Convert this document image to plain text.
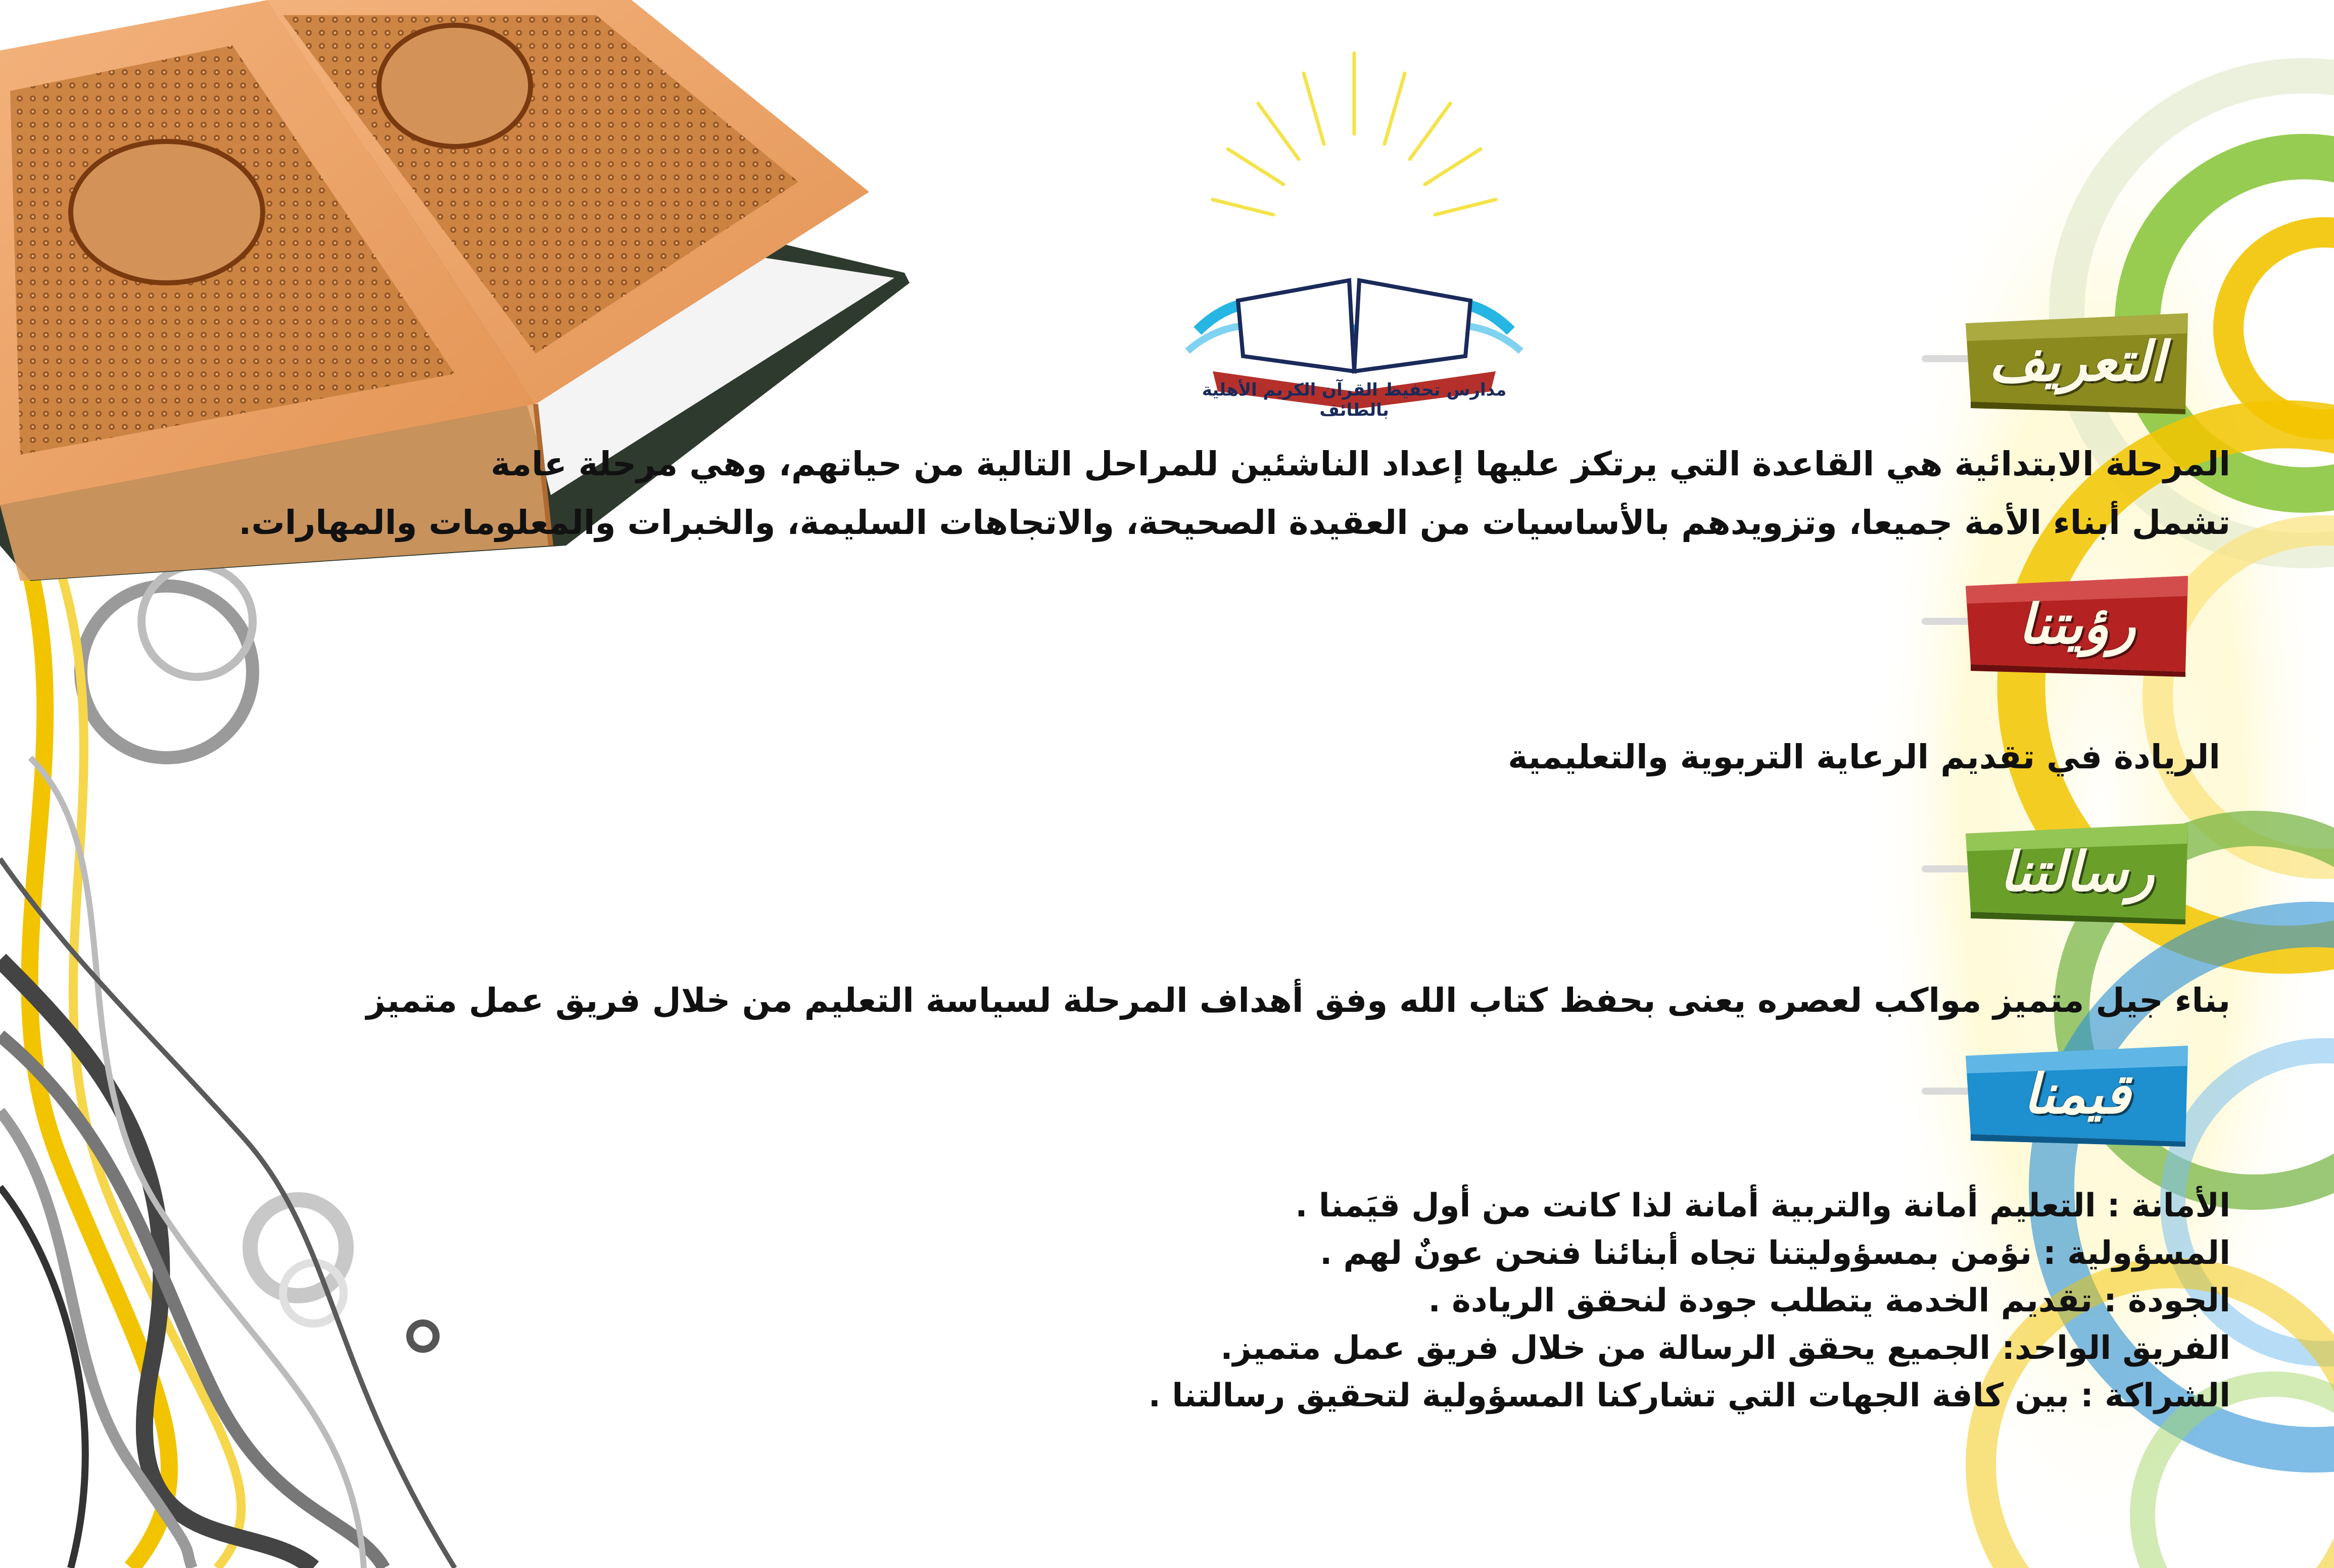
مدارس تحفيظ القرآن الكريم الأهلية بالطائف
التعريف
المرحلة الابتدائية هي القاعدة التي يرتكز عليها إعداد الناشئين للمراحل التالية من حياتهم، وهي مرحلة عامة
تشمل أبناء الأمة جميعا، وتزويدهم بالأساسيات من العقيدة الصحيحة، والاتجاهات السليمة، والخبرات والمعلومات والمهارات.
رؤيتنا
الريادة في تقديم الرعاية التربوية والتعليمية
رسالتنا
بناء جيل متميز مواكب لعصره يعنى بحفظ كتاب الله وفق أهداف المرحلة لسياسة التعليم من خلال فريق عمل متميز
قيمنا
الأمانة : التعليم أمانة والتربية أمانة لذا كانت من أول قيَمنا .
المسؤولية : نؤمن بمسؤوليتنا تجاه أبنائنا فنحن عونٌ لهم .
الجودة : تقديم الخدمة يتطلب جودة لنحقق الريادة .
الفريق الواحد: الجميع يحقق الرسالة من خلال فريق عمل متميز.
الشراكة : بين كافة الجهات التي تشاركنا المسؤولية لتحقيق رسالتنا .
